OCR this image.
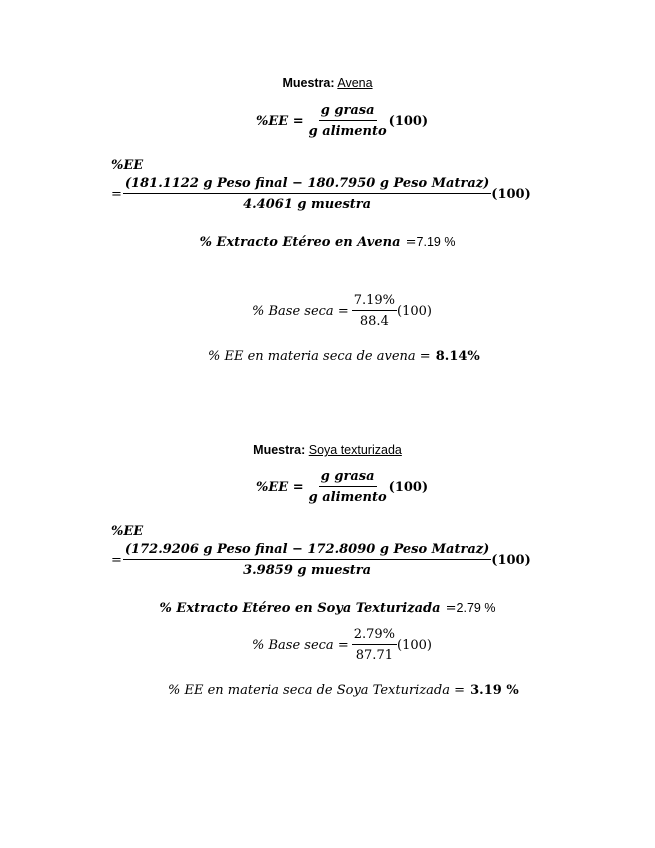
Muestra: Avena
$\%EE = \frac{\text{g grasa}}{\text{g alimento}} (100)$
%EE
= $\frac{\text{(181.1122 g Peso final − 180.7950 g Peso Matraz)}}{\text{4.4061 g muestra}} (100)$
% Extracto Etéreo en Avena =7.19 %
% Base $\sec a = \frac{7.19\%}{88.4} (100)$
% EE en materia seca de avena = 8.14%
Muestra: Soya texturizada
$\%EE = \frac{\text{g grasa}}{\text{g alimento}} (100)$
%EE
= $\frac{\text{(172.9206 g Peso final − 172.8090 g Peso Matraz)}}{\text{3.9859 g muestra}} (100)$
% Extracto Etéreo en Soya Texturizada =2.79 %
% Base $\sec a = \frac{2.79\%}{87.71} (100)$
% EE en materia seca de Soya Texturizada = 3.19 %
